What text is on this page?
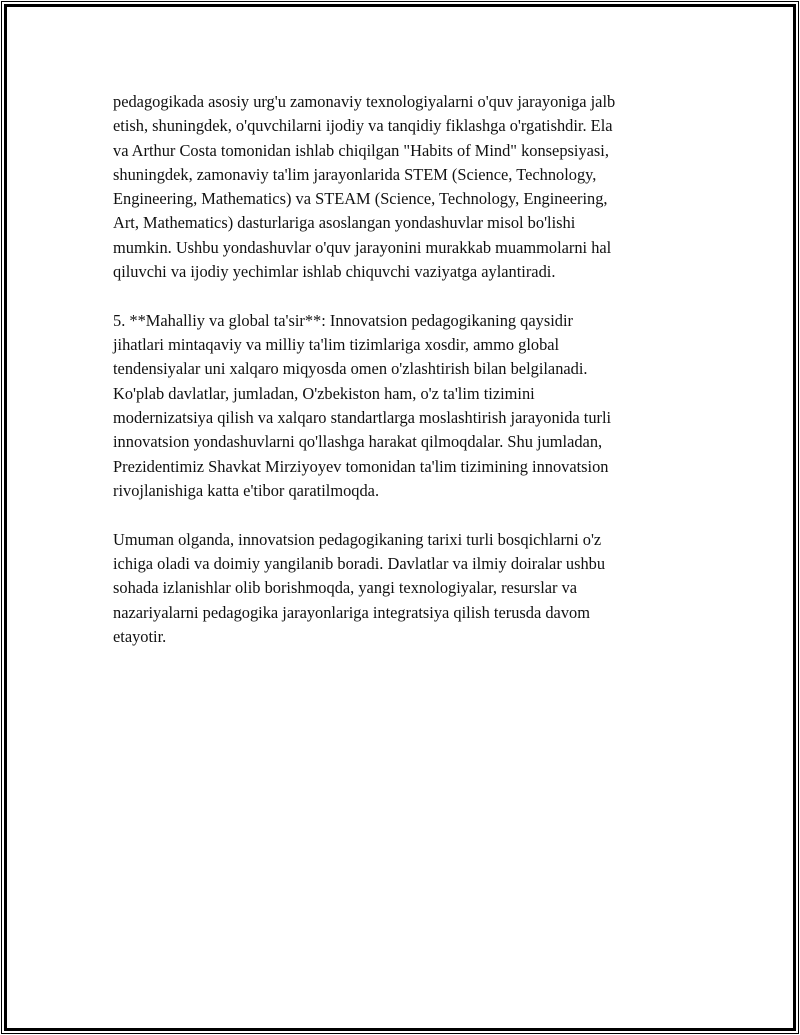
pedagogikada asosiy urg'u zamonaviy texnologiyalarni o'quv jarayoniga jalb
etish, shuningdek, o'quvchilarni ijodiy va tanqidiy fiklashga o'rgatishdir. Ela
va Arthur Costa tomonidan ishlab chiqilgan "Habits of Mind" konsepsiyasi,
shuningdek, zamonaviy ta'lim jarayonlarida STEM (Science, Technology,
Engineering, Mathematics) va STEAM (Science, Technology, Engineering,
Art, Mathematics) dasturlariga asoslangan yondashuvlar misol bo'lishi
mumkin. Ushbu yondashuvlar o'quv jarayonini murakkab muammolarni hal
qiluvchi va ijodiy yechimlar ishlab chiquvchi vaziyatga aylantiradi.

5. **Mahalliy va global ta'sir**: Innovatsion pedagogikaning qaysidir
jihatlari mintaqaviy va milliy ta'lim tizimlariga xosdir, ammo global
tendensiyalar uni xalqaro miqyosda omen o'zlashtirish bilan belgilanadi.
Ko'plab davlatlar, jumladan, O'zbekiston ham, o'z ta'lim tizimini
modernizatsiya qilish va xalqaro standartlarga moslashtirish jarayonida turli
innovatsion yondashuvlarni qo'llashga harakat qilmoqdalar. Shu jumladan,
Prezidentimiz Shavkat Mirziyoyev tomonidan ta'lim tizimining innovatsion
rivojlanishiga katta e'tibor qaratilmoqda.

Umuman olganda, innovatsion pedagogikaning tarixi turli bosqichlarni o'z
ichiga oladi va doimiy yangilanib boradi. Davlatlar va ilmiy doiralar ushbu
sohada izlanishlar olib borishmoqda, yangi texnologiyalar, resurslar va
nazariyalarni pedagogika jarayonlariga integratsiya qilish terusda davom
etayotir.
